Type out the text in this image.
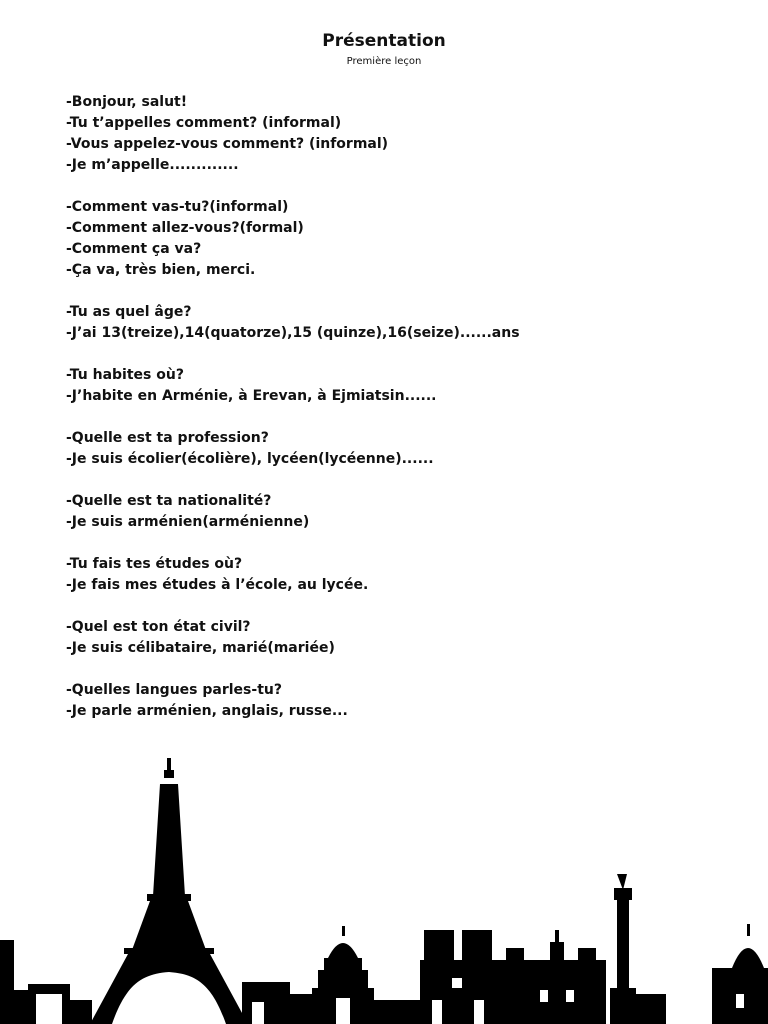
Présentation

Première leçon

-Bonjour, salut!

-Tu t’appelles comment? (informal)

-Vous appelez-vous comment? (informal)

-Je m’appelle.............

-Comment vas-tu?(informal)

-Comment allez-vous?(formal)

-Comment ça va?

-Ça va, très bien, merci.

-Tu as quel âge?

-J’ai 13(treize),14(quatorze),15 (quinze),16(seize)......ans

-Tu habites où?

-J’habite en Arménie, à Erevan, à Ejmiatsin......

-Quelle est ta profession?

-Je suis écolier(écolière), lycéen(lycéenne)......

-Quelle est ta nationalité?

-Je suis arménien(arménienne)

-Tu fais tes études où?

-Je fais mes études à l’école, au lycée.

-Quel est ton état civil?

-Je suis célibataire, marié(mariée)

-Quelles langues parles-tu?

-Je parle arménien, anglais, russe...
